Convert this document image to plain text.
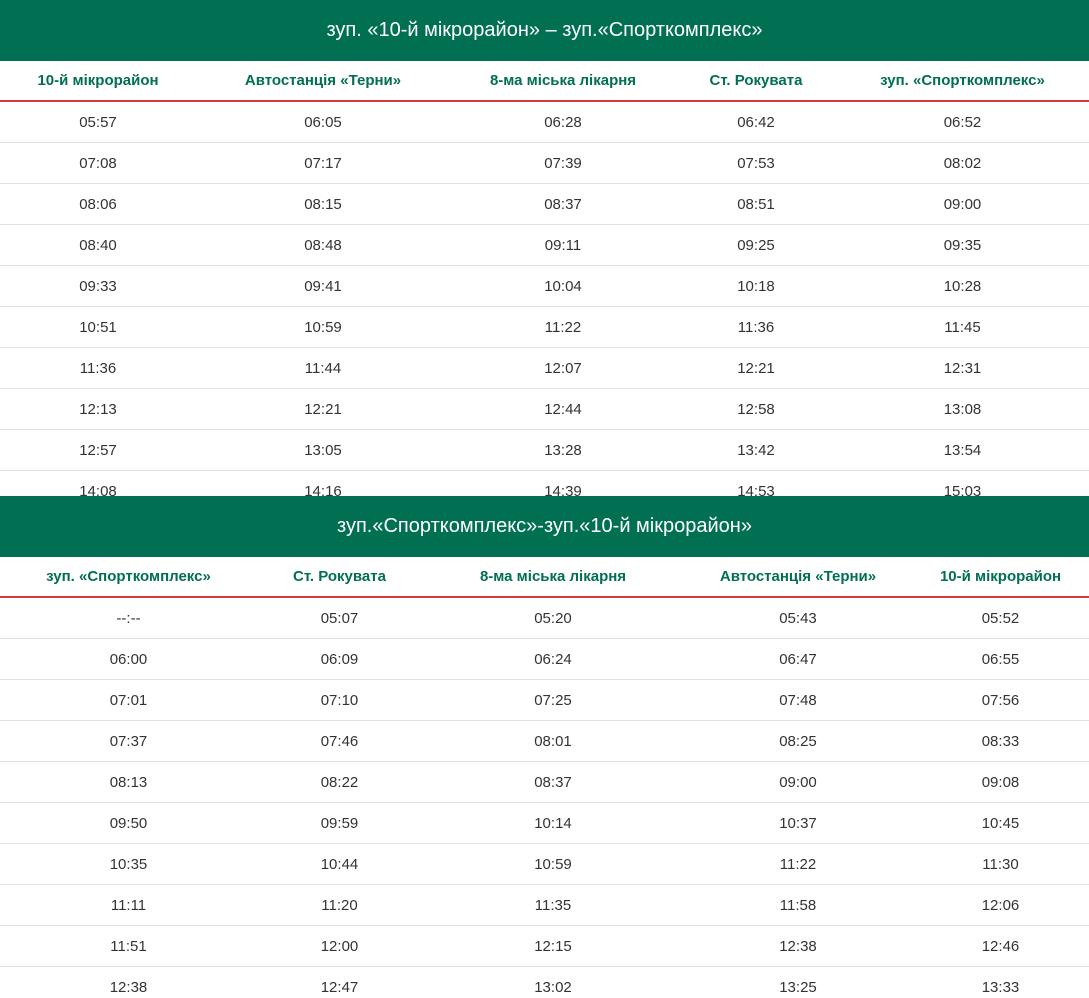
зуп. «10-й мікрорайон» – зуп.«Спорткомплекс»
10-й мікрорайон	Автостанція «Терни»	8-ма міська лікарня	Ст. Рокувата	зуп. «Спорткомплекс»
05:57	06:05	06:28	06:42	06:52
07:08	07:17	07:39	07:53	08:02
08:06	08:15	08:37	08:51	09:00
08:40	08:48	09:11	09:25	09:35
09:33	09:41	10:04	10:18	10:28
10:51	10:59	11:22	11:36	11:45
11:36	11:44	12:07	12:21	12:31
12:13	12:21	12:44	12:58	13:08
12:57	13:05	13:28	13:42	13:54
14:08	14:16	14:39	14:53	15:03
зуп.«Спорткомплекс»-зуп.«10-й мікрорайон»
зуп. «Спорткомплекс»	Ст. Рокувата	8-ма міська лікарня	Автостанція «Терни»	10-й мікрорайон
--:--	05:07	05:20	05:43	05:52
06:00	06:09	06:24	06:47	06:55
07:01	07:10	07:25	07:48	07:56
07:37	07:46	08:01	08:25	08:33
08:13	08:22	08:37	09:00	09:08
09:50	09:59	10:14	10:37	10:45
10:35	10:44	10:59	11:22	11:30
11:11	11:20	11:35	11:58	12:06
11:51	12:00	12:15	12:38	12:46
12:38	12:47	13:02	13:25	13:33
